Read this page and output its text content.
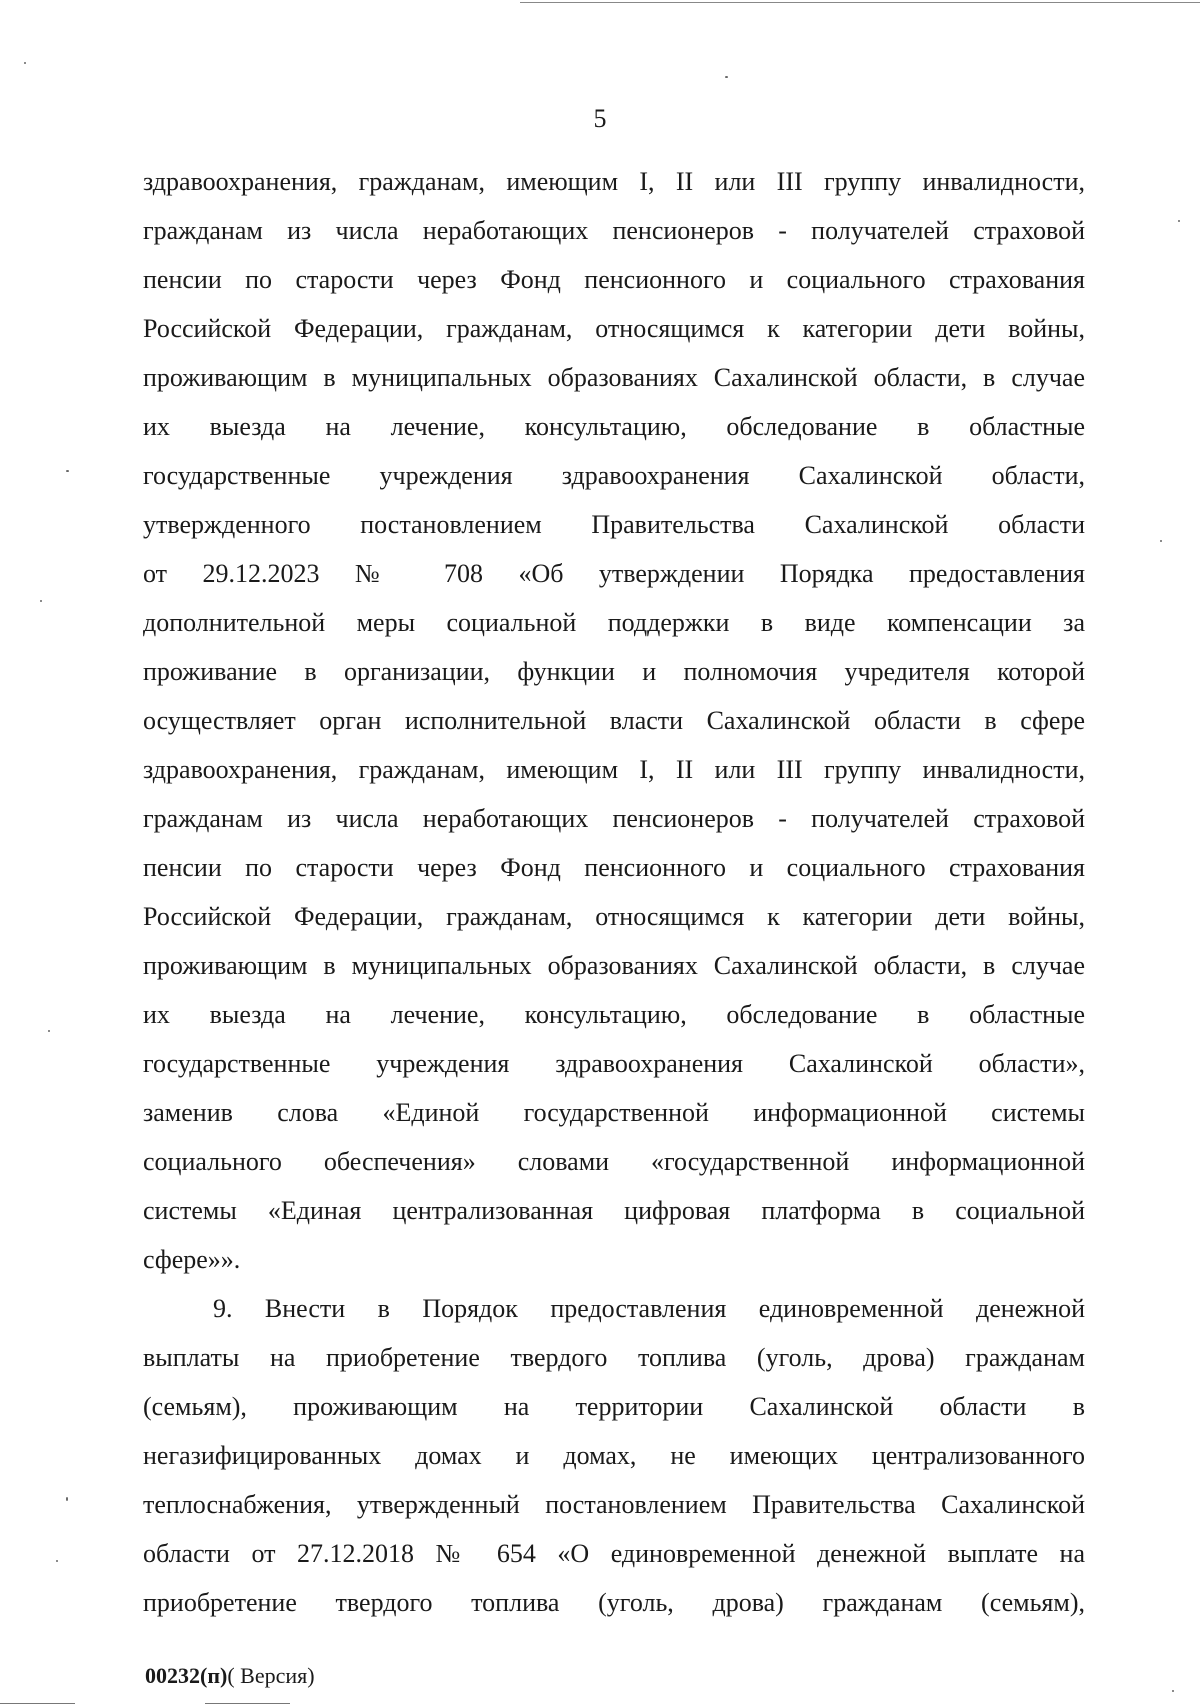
5
здравоохранения, гражданам, имеющим I, II или III группу инвалидности,
гражданам из числа неработающих пенсионеров - получателей страховой
пенсии по старости через Фонд пенсионного и социального страхования
Российской Федерации, гражданам, относящимся к категории дети войны,
проживающим в муниципальных образованиях Сахалинской области, в случае
их выезда на лечение, консультацию, обследование в областные
государственные учреждения здравоохранения Сахалинской области,
утвержденного постановлением Правительства Сахалинской области
от 29.12.2023 № 708 «Об утверждении Порядка предоставления
дополнительной меры социальной поддержки в виде компенсации за
проживание в организации, функции и полномочия учредителя которой
осуществляет орган исполнительной власти Сахалинской области в сфере
здравоохранения, гражданам, имеющим I, II или III группу инвалидности,
гражданам из числа неработающих пенсионеров - получателей страховой
пенсии по старости через Фонд пенсионного и социального страхования
Российской Федерации, гражданам, относящимся к категории дети войны,
проживающим в муниципальных образованиях Сахалинской области, в случае
их выезда на лечение, консультацию, обследование в областные
государственные учреждения здравоохранения Сахалинской области»,
заменив слова «Единой государственной информационной системы
социального обеспечения» словами «государственной информационной
системы «Единая централизованная цифровая платформа в социальной
сфере»».
9. Внести в Порядок предоставления единовременной денежной
выплаты на приобретение твердого топлива (уголь, дрова) гражданам
(семьям), проживающим на территории Сахалинской области в
негазифицированных домах и домах, не имеющих централизованного
теплоснабжения, утвержденный постановлением Правительства Сахалинской
области от 27.12.2018 № 654 «О единовременной денежной выплате на
приобретение твердого топлива (уголь, дрова) гражданам (семьям),
00232(п)( Версия)
